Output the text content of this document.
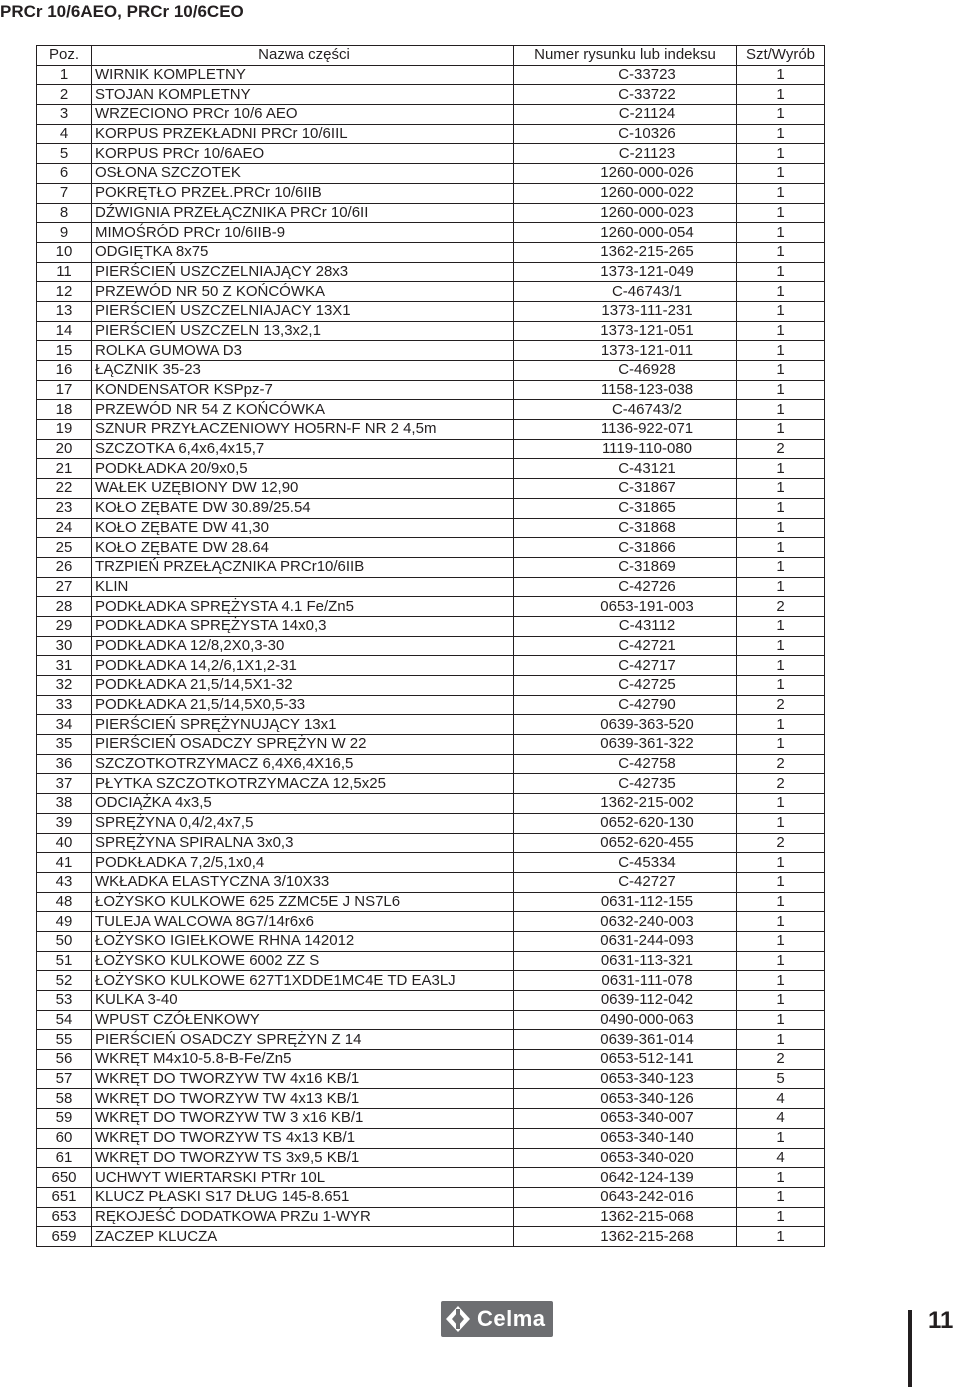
PRCr 10/6AEO, PRCr 10/6CEO
Poz.	Nazwa części	Numer rysunku lub indeksu	Szt/Wyrób
1	WIRNIK KOMPLETNY	C-33723	1
2	STOJAN KOMPLETNY	C-33722	1
3	WRZECIONO PRCr 10/6 AEO	C-21124	1
4	KORPUS PRZEKŁADNI PRCr 10/6IIL	C-10326	1
5	KORPUS PRCr 10/6AEO	C-21123	1
6	OSŁONA SZCZOTEK	1260-000-026	1
7	POKRĘTŁO PRZEŁ.PRCr 10/6IIB	1260-000-022	1
8	DŹWIGNIA PRZEŁĄCZNIKA PRCr 10/6II	1260-000-023	1
9	MIMOŚRÓD PRCr 10/6IIB-9	1260-000-054	1
10	ODGIĘTKA 8x75	1362-215-265	1
11	PIERŚCIEŃ USZCZELNIAJĄCY 28x3	1373-121-049	1
12	PRZEWÓD NR 50 Z KOŃCÓWKA	C-46743/1	1
13	PIERŚCIEŃ USZCZELNIAJACY 13X1	1373-111-231	1
14	PIERŚCIEŃ USZCZELN 13,3x2,1	1373-121-051	1
15	ROLKA GUMOWA D3	1373-121-011	1
16	ŁĄCZNIK 35-23	C-46928	1
17	KONDENSATOR KSPpz-7	1158-123-038	1
18	PRZEWÓD NR 54 Z KOŃCÓWKA	C-46743/2	1
19	SZNUR PRZYŁACZENIOWY HO5RN-F NR 2 4,5m	1136-922-071	1
20	SZCZOTKA 6,4x6,4x15,7	1119-110-080	2
21	PODKŁADKA 20/9x0,5	C-43121	1
22	WAŁEK UZĘBIONY DW 12,90	C-31867	1
23	KOŁO ZĘBATE DW 30.89/25.54	C-31865	1
24	KOŁO ZĘBATE DW 41,30	C-31868	1
25	KOŁO ZĘBATE DW 28.64	C-31866	1
26	TRZPIEŃ PRZEŁĄCZNIKA PRCr10/6IIB	C-31869	1
27	KLIN	C-42726	1
28	PODKŁADKA SPRĘŻYSTA 4.1 Fe/Zn5	0653-191-003	2
29	PODKŁADKA SPRĘŻYSTA 14x0,3	C-43112	1
30	PODKŁADKA 12/8,2X0,3-30	C-42721	1
31	PODKŁADKA 14,2/6,1X1,2-31	C-42717	1
32	PODKŁADKA 21,5/14,5X1-32	C-42725	1
33	PODKŁADKA 21,5/14,5X0,5-33	C-42790	2
34	PIERŚCIEŃ SPRĘŻYNUJĄCY 13x1	0639-363-520	1
35	PIERŚCIEŃ OSADCZY SPRĘŻYN W 22	0639-361-322	1
36	SZCZOTKOTRZYMACZ 6,4X6,4X16,5	C-42758	2
37	PŁYTKA SZCZOTKOTRZYMACZA 12,5x25	C-42735	2
38	ODCIĄŻKA 4x3,5	1362-215-002	1
39	SPRĘŻYNA 0,4/2,4x7,5	0652-620-130	1
40	SPRĘŻYNA SPIRALNA 3x0,3	0652-620-455	2
41	PODKŁADKA 7,2/5,1x0,4	C-45334	1
43	WKŁADKA ELASTYCZNA 3/10X33	C-42727	1
48	ŁOŻYSKO KULKOWE 625 ZZMC5E J NS7L6	0631-112-155	1
49	TULEJA WALCOWA 8G7/14r6x6	0632-240-003	1
50	ŁOŻYSKO IGIEŁKOWE RHNA 142012	0631-244-093	1
51	ŁOŻYSKO KULKOWE 6002 ZZ S	0631-113-321	1
52	ŁOŻYSKO KULKOWE 627T1XDDE1MC4E TD EA3LJ	0631-111-078	1
53	KULKA 3-40	0639-112-042	1
54	WPUST CZÓŁENKOWY	0490-000-063	1
55	PIERŚCIEŃ OSADCZY SPRĘŻYN Z 14	0639-361-014	1
56	WKRĘT M4x10-5.8-B-Fe/Zn5	0653-512-141	2
57	WKRĘT DO TWORZYW TW 4x16 KB/1	0653-340-123	5
58	WKRĘT DO TWORZYW TW 4x13 KB/1	0653-340-126	4
59	WKRĘT DO TWORZYW TW 3 x16 KB/1	0653-340-007	4
60	WKRĘT DO TWORZYW TS 4x13 KB/1	0653-340-140	1
61	WKRĘT DO TWORZYW TS 3x9,5 KB/1	0653-340-020	4
650	UCHWYT WIERTARSKI PTRr 10L	0642-124-139	1
651	KLUCZ PŁASKI S17 DŁUG 145-8.651	0643-242-016	1
653	RĘKOJEŚĆ DODATKOWA PRZu 1-WYR	1362-215-068	1
659	ZACZEP KLUCZA	1362-215-268	1
Celma	11
